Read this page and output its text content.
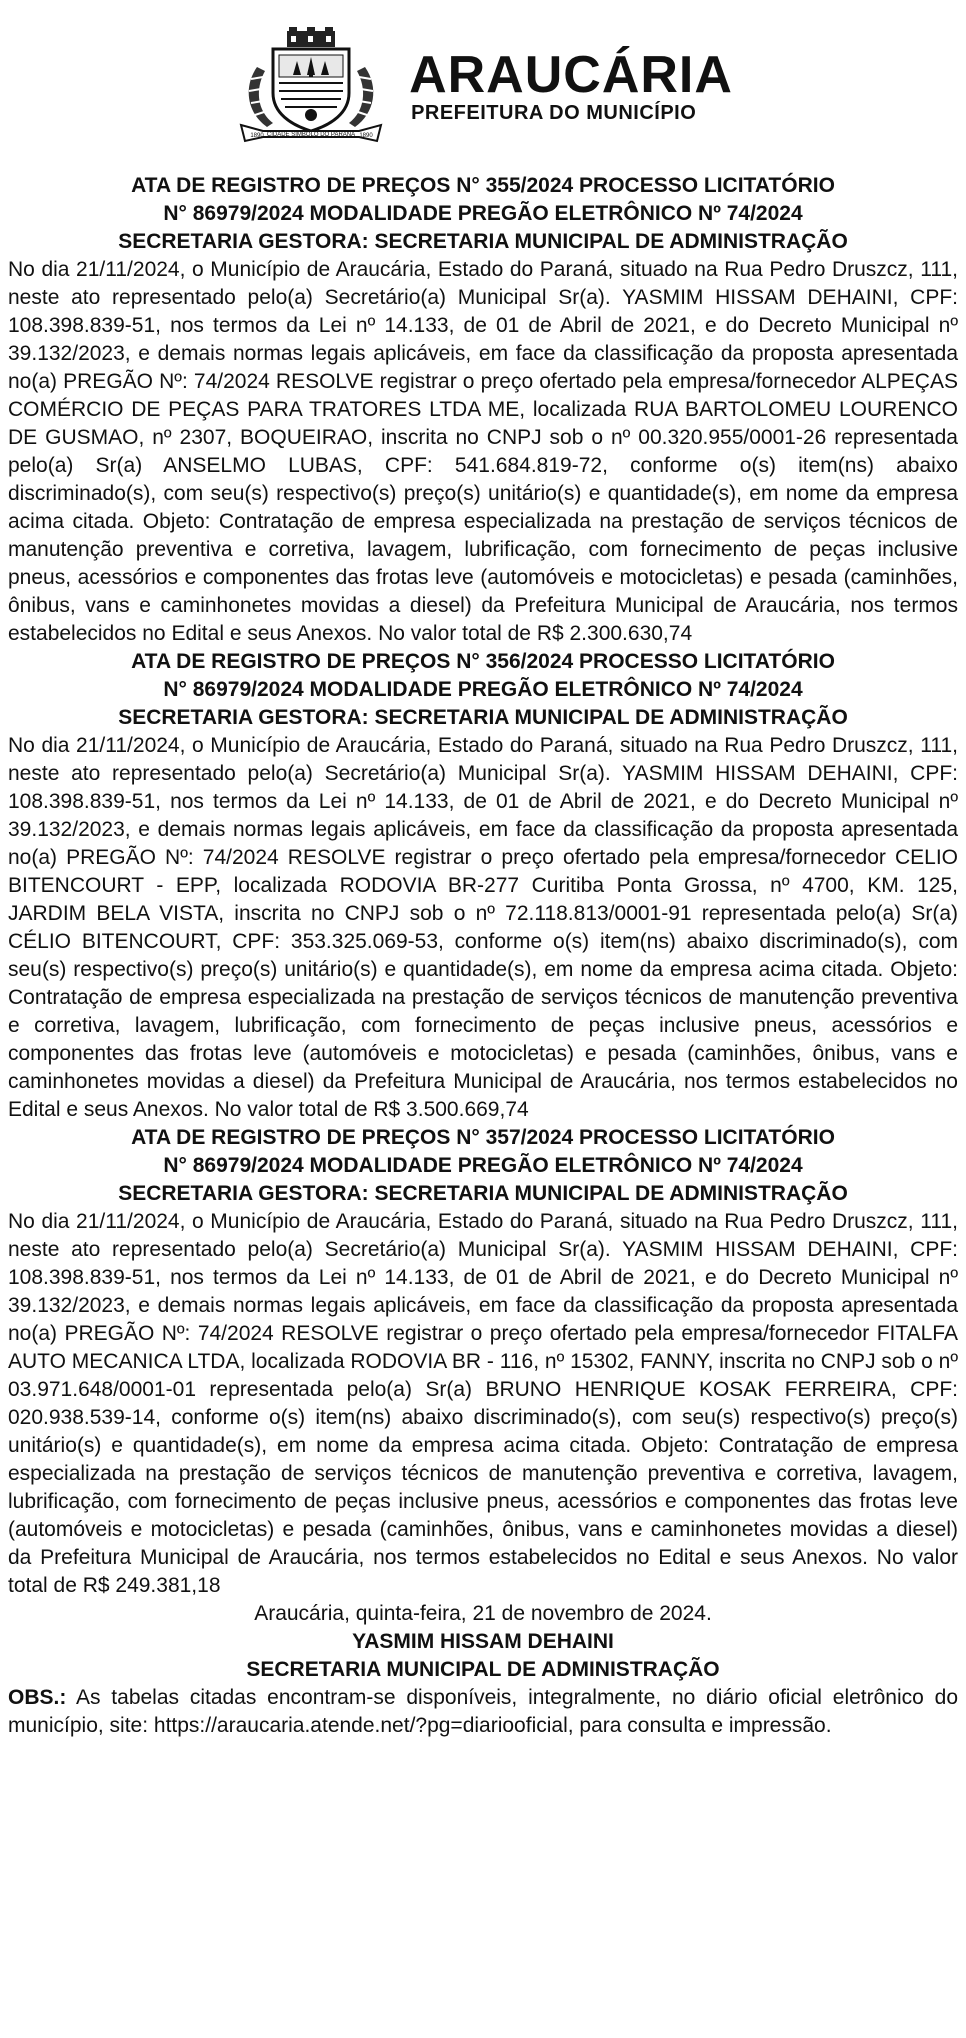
1890 CIDADE SÍMBOLO DO PARANÁ 1890
ARAUCÁRIA
PREFEITURA DO MUNICÍPIO

ATA DE REGISTRO DE PREÇOS N° 355/2024 PROCESSO LICITATÓRIO

N° 86979/2024 MODALIDADE PREGÃO ELETRÔNICO Nº 74/2024

SECRETARIA GESTORA: SECRETARIA MUNICIPAL DE ADMINISTRAÇÃO

No dia 21/11/2024, o Município de Araucária, Estado do Paraná, situado na Rua Pedro Druszcz, 111, neste ato representado pelo(a) Secretário(a) Municipal Sr(a). YASMIM HISSAM DEHAINI, CPF: 108.398.839-51, nos termos da Lei nº 14.133, de 01 de Abril de 2021, e do Decreto Municipal nº 39.132/2023, e demais normas legais aplicáveis, em face da classificação da proposta apresentada no(a) PREGÃO Nº: 74/2024 RESOLVE registrar o preço ofertado pela empresa/fornecedor ALPEÇAS COMÉRCIO DE PEÇAS PARA TRATORES LTDA ME, localizada RUA BARTOLOMEU LOURENCO DE GUSMAO, nº 2307, BOQUEIRAO, inscrita no CNPJ sob o nº 00.320.955/0001-26 representada pelo(a) Sr(a) ANSELMO LUBAS, CPF: 541.684.819-72, conforme o(s) item(ns) abaixo discriminado(s), com seu(s) respectivo(s) preço(s) unitário(s) e quantidade(s), em nome da empresa acima citada. Objeto: Contratação de empresa especializada na prestação de serviços técnicos de manutenção preventiva e corretiva, lavagem, lubrificação, com fornecimento de peças inclusive pneus, acessórios e componentes das frotas leve (automóveis e motocicletas) e pesada (caminhões, ônibus, vans e caminhonetes movidas a diesel) da Prefeitura Municipal de Araucária, nos termos estabelecidos no Edital e seus Anexos. No valor total de R$ 2.300.630,74

ATA DE REGISTRO DE PREÇOS N° 356/2024 PROCESSO LICITATÓRIO

N° 86979/2024 MODALIDADE PREGÃO ELETRÔNICO Nº 74/2024

SECRETARIA GESTORA: SECRETARIA MUNICIPAL DE ADMINISTRAÇÃO

No dia 21/11/2024, o Município de Araucária, Estado do Paraná, situado na Rua Pedro Druszcz, 111, neste ato representado pelo(a) Secretário(a) Municipal Sr(a). YASMIM HISSAM DEHAINI, CPF: 108.398.839-51, nos termos da Lei nº 14.133, de 01 de Abril de 2021, e do Decreto Municipal nº 39.132/2023, e demais normas legais aplicáveis, em face da classificação da proposta apresentada no(a) PREGÃO Nº: 74/2024 RESOLVE registrar o preço ofertado pela empresa/fornecedor CELIO BITENCOURT - EPP, localizada RODOVIA BR-277 Curitiba Ponta Grossa, nº 4700, KM. 125, JARDIM BELA VISTA, inscrita no CNPJ sob o nº 72.118.813/0001-91 representada pelo(a) Sr(a) CÉLIO BITENCOURT, CPF: 353.325.069-53, conforme o(s) item(ns) abaixo discriminado(s), com seu(s) respectivo(s) preço(s) unitário(s) e quantidade(s), em nome da empresa acima citada. Objeto: Contratação de empresa especializada na prestação de serviços técnicos de manutenção preventiva e corretiva, lavagem, lubrificação, com fornecimento de peças inclusive pneus, acessórios e componentes das frotas leve (automóveis e motocicletas) e pesada (caminhões, ônibus, vans e caminhonetes movidas a diesel) da Prefeitura Municipal de Araucária, nos termos estabelecidos no Edital e seus Anexos. No valor total de R$ 3.500.669,74

ATA DE REGISTRO DE PREÇOS N° 357/2024 PROCESSO LICITATÓRIO

N° 86979/2024 MODALIDADE PREGÃO ELETRÔNICO Nº 74/2024

SECRETARIA GESTORA: SECRETARIA MUNICIPAL DE ADMINISTRAÇÃO

No dia 21/11/2024, o Município de Araucária, Estado do Paraná, situado na Rua Pedro Druszcz, 111, neste ato representado pelo(a) Secretário(a) Municipal Sr(a). YASMIM HISSAM DEHAINI, CPF: 108.398.839-51, nos termos da Lei nº 14.133, de 01 de Abril de 2021, e do Decreto Municipal nº 39.132/2023, e demais normas legais aplicáveis, em face da classificação da proposta apresentada no(a) PREGÃO Nº: 74/2024 RESOLVE registrar o preço ofertado pela empresa/fornecedor FITALFA AUTO MECANICA LTDA, localizada RODOVIA BR - 116, nº 15302, FANNY, inscrita no CNPJ sob o nº 03.971.648/0001-01 representada pelo(a) Sr(a) BRUNO HENRIQUE KOSAK FERREIRA, CPF: 020.938.539-14, conforme o(s) item(ns) abaixo discriminado(s), com seu(s) respectivo(s) preço(s) unitário(s) e quantidade(s), em nome da empresa acima citada. Objeto: Contratação de empresa especializada na prestação de serviços técnicos de manutenção preventiva e corretiva, lavagem, lubrificação, com fornecimento de peças inclusive pneus, acessórios e componentes das frotas leve (automóveis e motocicletas) e pesada (caminhões, ônibus, vans e caminhonetes movidas a diesel) da Prefeitura Municipal de Araucária, nos termos estabelecidos no Edital e seus Anexos. No valor total de R$ 249.381,18

Araucária, quinta-feira, 21 de novembro de 2024.

YASMIM HISSAM DEHAINI

SECRETARIA MUNICIPAL DE ADMINISTRAÇÃO

OBS.: As tabelas citadas encontram-se disponíveis, integralmente, no diário oficial eletrônico do município, site: https://araucaria.atende.net/?pg=diariooficial, para consulta e impressão.
